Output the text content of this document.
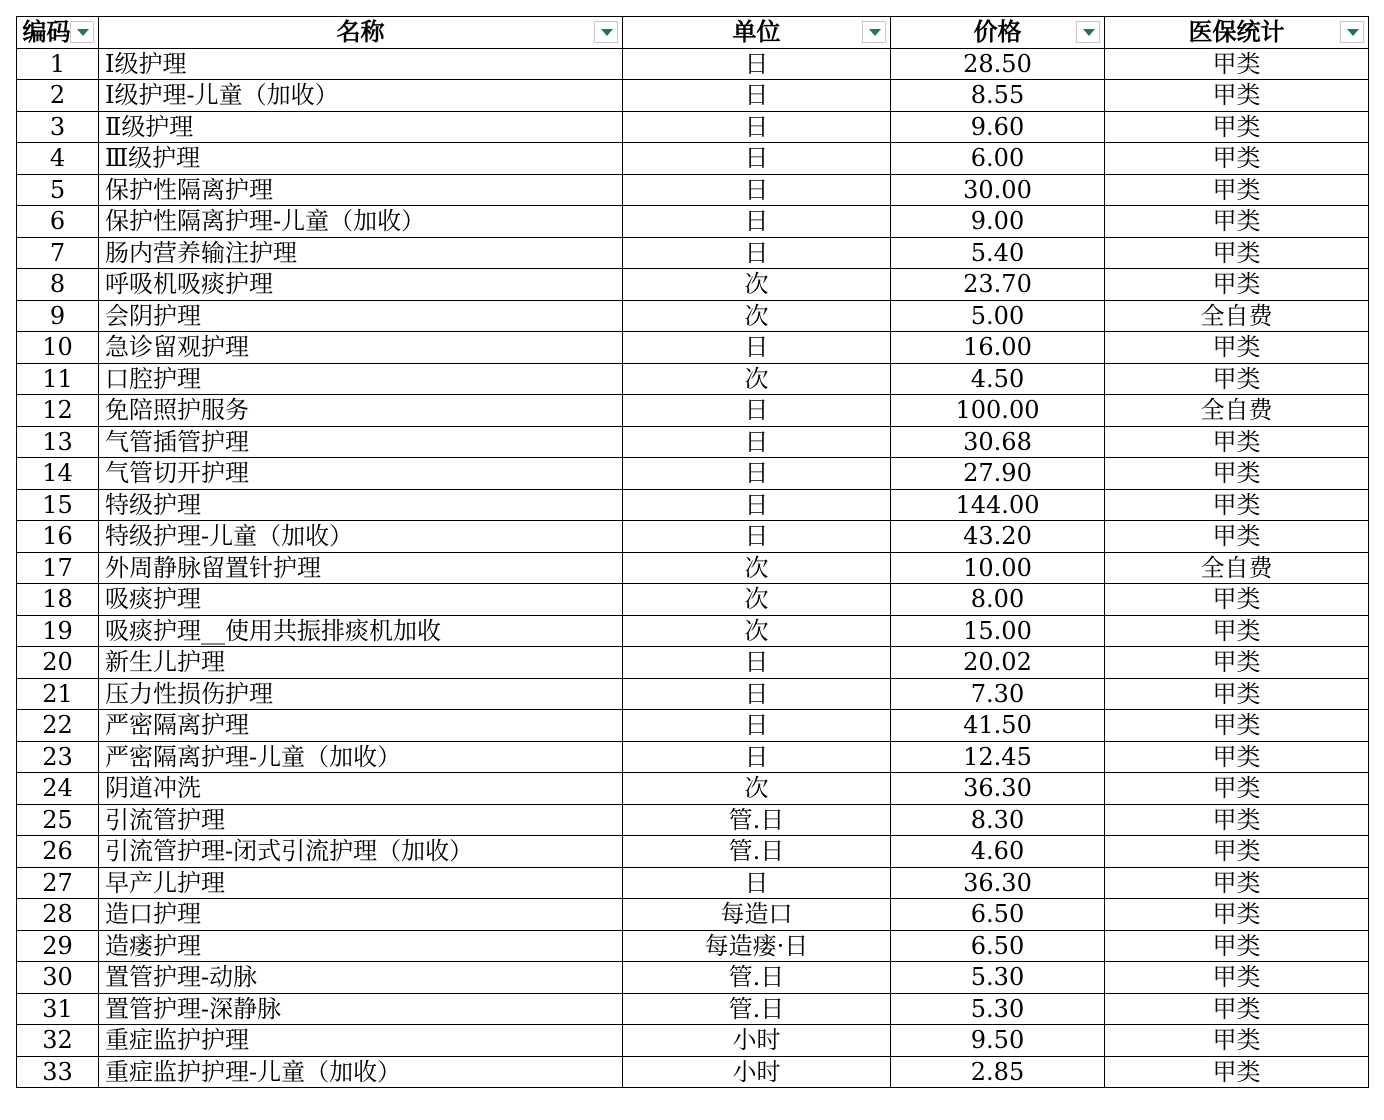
编码	名称	单位	价格	医保统计

1	Ⅰ级护理	日	28.50	甲类
2	Ⅰ级护理-儿童（加收）	日	8.55	甲类
3	Ⅱ级护理	日	9.60	甲类
4	Ⅲ级护理	日	6.00	甲类
5	保护性隔离护理	日	30.00	甲类
6	保护性隔离护理-儿童（加收）	日	9.00	甲类
7	肠内营养输注护理	日	5.40	甲类
8	呼吸机吸痰护理	次	23.70	甲类
9	会阴护理	次	5.00	全自费
10	急诊留观护理	日	16.00	甲类
11	口腔护理	次	4.50	甲类
12	免陪照护服务	日	100.00	全自费
13	气管插管护理	日	30.68	甲类
14	气管切开护理	日	27.90	甲类
15	特级护理	日	144.00	甲类
16	特级护理-儿童（加收）	日	43.20	甲类
17	外周静脉留置针护理	次	10.00	全自费
18	吸痰护理	次	8.00	甲类
19	吸痰护理__使用共振排痰机加收	次	15.00	甲类
20	新生儿护理	日	20.02	甲类
21	压力性损伤护理	日	7.30	甲类
22	严密隔离护理	日	41.50	甲类
23	严密隔离护理-儿童（加收）	日	12.45	甲类
24	阴道冲洗	次	36.30	甲类
25	引流管护理	管.日	8.30	甲类
26	引流管护理-闭式引流护理（加收）	管.日	4.60	甲类
27	早产儿护理	日	36.30	甲类
28	造口护理	每造口	6.50	甲类
29	造瘘护理	每造瘘·日	6.50	甲类
30	置管护理-动脉	管.日	5.30	甲类
31	置管护理-深静脉	管.日	5.30	甲类
32	重症监护护理	小时	9.50	甲类
33	重症监护护理-儿童（加收）	小时	2.85	甲类
